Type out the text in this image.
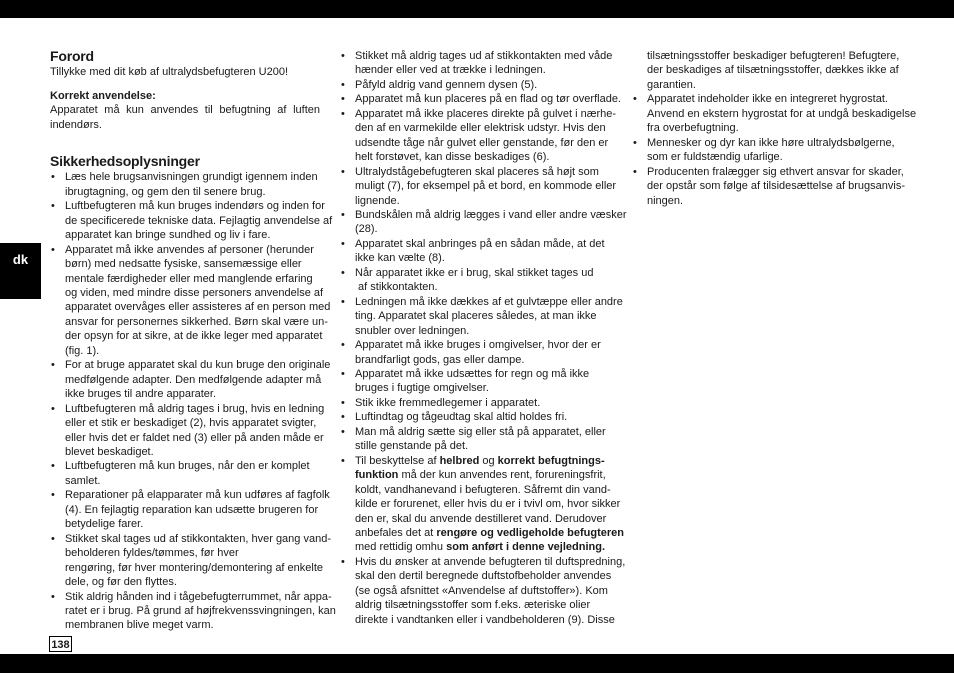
dk
Forord

Tillykke med dit køb af ultralydsbefugteren U200!

Korrekt anvendelse:
Apparatet må kun anvendes til befugtning af luften
indendørs.
Sikkerhedsoplysninger
• Læs hele brugsanvisningen grundigt igennem inden
ibrugtagning, og gem den til senere brug.
• Luftbefugteren må kun bruges indendørs og inden for
de specificerede tekniske data. Fejlagtig anvendelse af
apparatet kan bringe sundhed og liv i fare.
• Apparatet må ikke anvendes af personer (herunder
børn) med nedsatte fysiske, sansemæssige eller
mentale færdigheder eller med manglende erfaring
og viden, med mindre disse personers anvendelse af
apparatet overvåges eller assisteres af en person med
ansvar for personernes sikkerhed. Børn skal være un-
der opsyn for at sikre, at de ikke leger med apparatet
(fig. 1).
• For at bruge apparatet skal du kun bruge den originale
medfølgende adapter. Den medfølgende adapter må
ikke bruges til andre apparater.
• Luftbefugteren må aldrig tages i brug, hvis en ledning
eller et stik er beskadiget (2), hvis apparatet svigter,
eller hvis det er faldet ned (3) eller på anden måde er
blevet beskadiget.
• Luftbefugteren må kun bruges, når den er komplet
samlet.
• Reparationer på elapparater må kun udføres af fagfolk
(4). En fejlagtig reparation kan udsætte brugeren for
betydelige farer.
• Stikket skal tages ud af stikkontakten, hver gang vand-
beholderen fyldes/tømmes, før hver
rengøring, før hver montering/demontering af enkelte
dele, og før den flyttes.
• Stik aldrig hånden ind i tågebefugterrummet, når appa-
ratet er i brug. På grund af højfrekvenssvingningen, kan
membranen blive meget varm.
• Stikket må aldrig tages ud af stikkontakten med våde
hænder eller ved at trække i ledningen.
• Påfyld aldrig vand gennem dysen (5).
• Apparatet må kun placeres på en flad og tør overflade.
• Apparatet må ikke placeres direkte på gulvet i nærhe-
den af en varmekilde eller elektrisk udstyr. Hvis den
udsendte tåge når gulvet eller genstande, før den er
helt forstøvet, kan disse beskadiges (6).
• Ultralydstågebefugteren skal placeres så højt som
muligt (7), for eksempel på et bord, en kommode eller
lignende.
• Bundskålen må aldrig lægges i vand eller andre væsker
(28).
• Apparatet skal anbringes på en sådan måde, at det
ikke kan vælte (8).
• Når apparatet ikke er i brug, skal stikket tages ud
af stikkontakten.
• Ledningen må ikke dækkes af et gulvtæppe eller andre
ting. Apparatet skal placeres således, at man ikke
snubler over ledningen.
• Apparatet må ikke bruges i omgivelser, hvor der er
brandfarligt gods, gas eller dampe.
• Apparatet må ikke udsættes for regn og må ikke
bruges i fugtige omgivelser.
• Stik ikke fremmedlegemer i apparatet.
• Luftindtag og tågeudtag skal altid holdes fri.
• Man må aldrig sætte sig eller stå på apparatet, eller
stille genstande på det.
• Til beskyttelse af helbred og korrekt befugtnings-
funktion må der kun anvendes rent, forureningsfrit,
koldt, vandhanevand i befugteren. Såfremt din vand-
kilde er forurenet, eller hvis du er i tvivl om, hvor sikker
den er, skal du anvende destilleret vand. Derudover
anbefales det at rengøre og vedligeholde befugteren
med rettidig omhu som anført i denne vejledning.
• Hvis du ønsker at anvende befugteren til duftspredning,
skal den dertil beregnede duftstofbeholder anvendes
(se også afsnittet «Anvendelse af duftstoffer»). Kom
aldrig tilsætningsstoffer som f.eks. æteriske olier
direkte i vandtanken eller i vandbeholderen (9). Disse
tilsætningsstoffer beskadiger befugteren! Befugtere,
der beskadiges af tilsætningsstoffer, dækkes ikke af
garantien.
• Apparatet indeholder ikke en integreret hygrostat.
Anvend en ekstern hygrostat for at undgå beskadigelse
fra overbefugtning.
• Mennesker og dyr kan ikke høre ultralydsbølgerne,
som er fuldstændig ufarlige.
• Producenten fralægger sig ethvert ansvar for skader,
der opstår som følge af tilsidesættelse af brugsanvis-
ningen.
138
